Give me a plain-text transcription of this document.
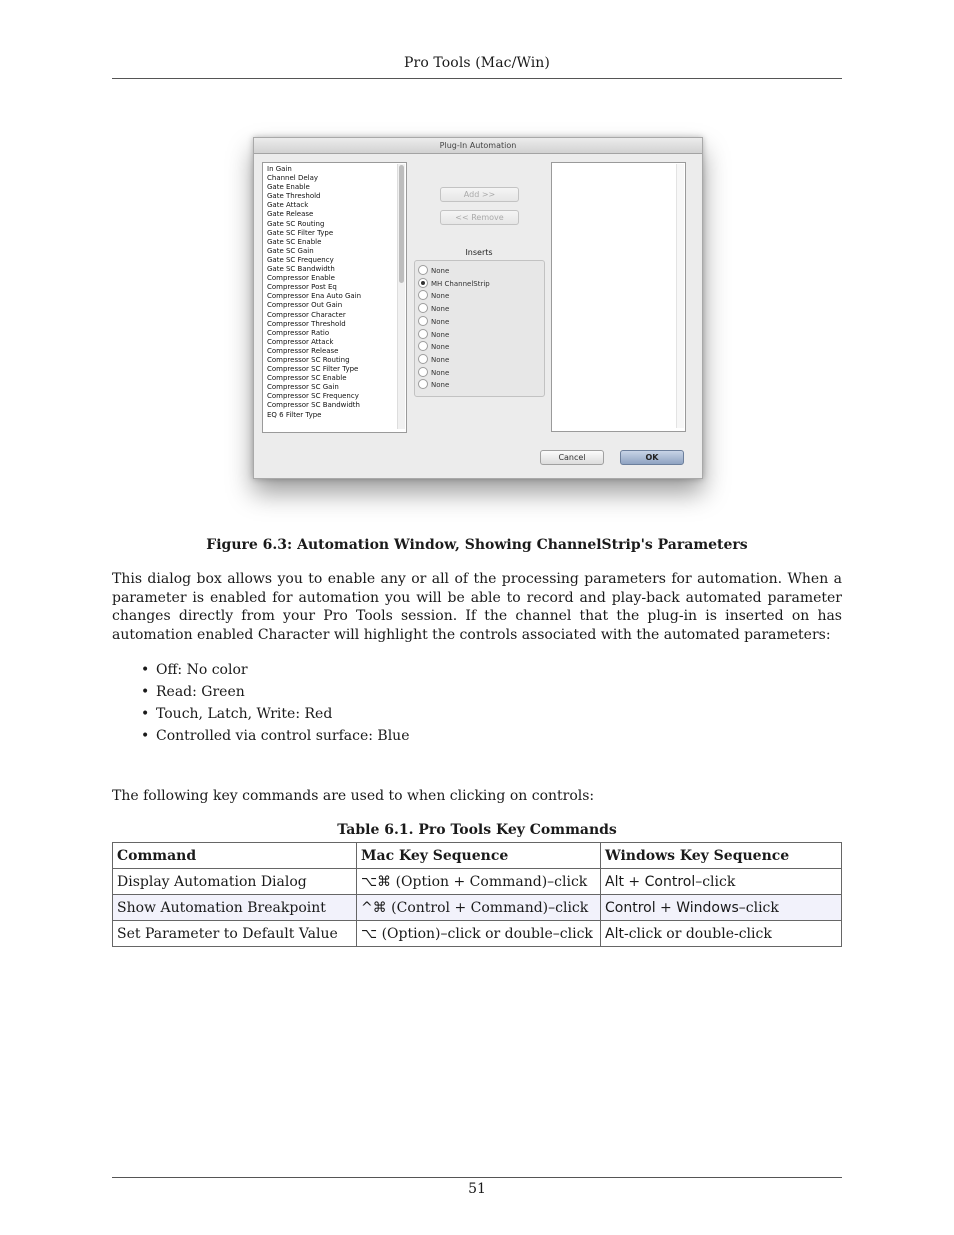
Pro Tools (Mac/Win)
Plug-In Automation
In Gain
Channel Delay
Gate Enable
Gate Threshold
Gate Attack
Gate Release
Gate SC Routing
Gate SC Filter Type
Gate SC Enable
Gate SC Gain
Gate SC Frequency
Gate SC Bandwidth
Compressor Enable
Compressor Post Eq
Compressor Ena Auto Gain
Compressor Out Gain
Compressor Character
Compressor Threshold
Compressor Ratio
Compressor Attack
Compressor Release
Compressor SC Routing
Compressor SC Filter Type
Compressor SC Enable
Compressor SC Gain
Compressor SC Frequency
Compressor SC Bandwidth
EQ 6 Filter Type
Add >>
<< Remove
Inserts
None
MH ChannelStrip
None
None
None
None
None
None
None
None
Cancel	OK
Figure 6.3: Automation Window, Showing ChannelStrip's Parameters

This dialog box allows you to enable any or all of the processing parameters for automation. When a parameter is enabled for automation you will be able to record and play-back automated parameter changes directly from your Pro Tools session. If the channel that the plug-in is inserted on has automation enabled Character will highlight the controls associated with the automated parameters:

• Off: No color
• Read: Green
• Touch, Latch, Write: Red
• Controlled via control surface: Blue

The following key commands are used to when clicking on controls:

Table 6.1. Pro Tools Key Commands
Command	Mac Key Sequence	Windows Key Sequence
Display Automation Dialog	⌥⌘ (Option + Command)–click	Alt + Control–click
Show Automation Breakpoint	^⌘ (Control + Command)–click	Control + Windows–click
Set Parameter to Default Value	⌥ (Option)–click or double–click	Alt-click or double-click
51
